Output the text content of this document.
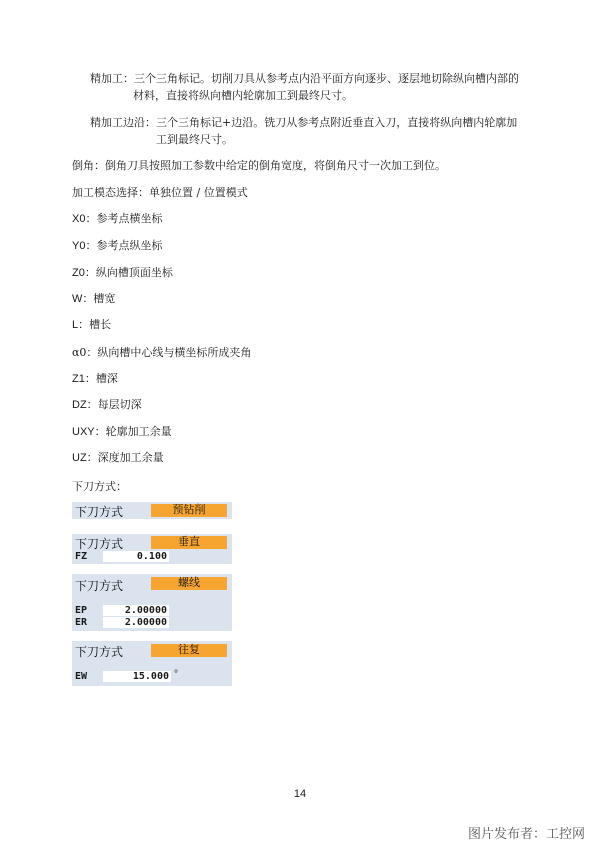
精加工：三个三角标记。切削刀具从参考点内沿平面方向逐步、逐层地切除纵向槽内部的
材料，直接将纵向槽内轮廓加工到最终尺寸。
精加工边沿：三个三角标记+边沿。铣刀从参考点附近垂直入刀，直接将纵向槽内轮廓加
工到最终尺寸。
倒角：倒角刀具按照加工参数中给定的倒角宽度，将倒角尺寸一次加工到位。
加工模态选择：单独位置 / 位置模式
X0：参考点横坐标
Y0：参考点纵坐标
Z0：纵向槽顶面坐标
W：槽宽
L：槽长
α0：纵向槽中心线与横坐标所成夹角
Z1：槽深
DZ：每层切深
UXY：轮廓加工余量
UZ：深度加工余量
下刀方式：
下刀方式	预钻削
下刀方式	垂直
FZ	0.100
下刀方式	螺线
EP	2.00000
ER	2.00000
下刀方式	往复
EW	15.000 °
14
图片发布者：工控网
